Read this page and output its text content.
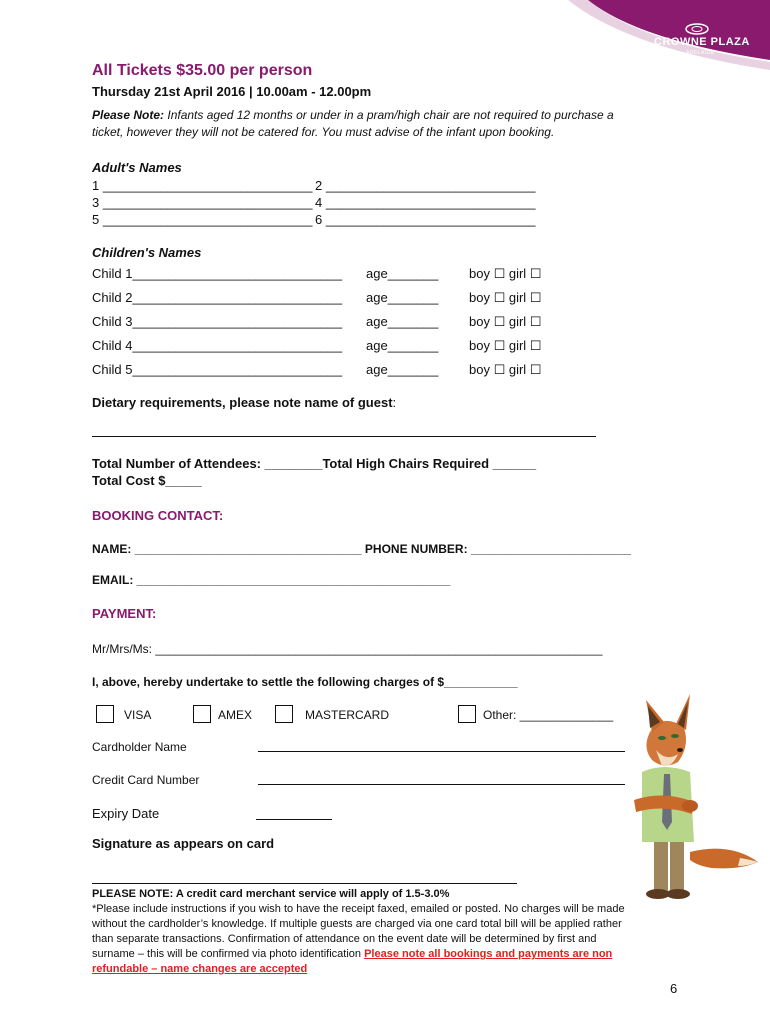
CROWNE PLAZA
ADELAIDE
All Tickets $35.00 per person
Thursday 21st April 2016 | 10.00am - 12.00pm
Please Note: Infants aged 12 months or under in a pram/high chair are not required to purchase a
ticket, however they will not be catered for. You must advise of the infant upon booking.
Adult's Names
1 _____________________________ 2 _____________________________
3 _____________________________ 4 _____________________________
5 _____________________________ 6 _____________________________
Children's Names
Child 1_____________________________ age_______ boy ☐ girl ☐
Child 2_____________________________ age_______ boy ☐ girl ☐
Child 3_____________________________ age_______ boy ☐ girl ☐
Child 4_____________________________ age_______ boy ☐ girl ☐
Child 5_____________________________ age_______ boy ☐ girl ☐
Dietary requirements, please note name of guest:
Total Number of Attendees: ________Total High Chairs Required ______
Total Cost $_____
BOOKING CONTACT:
NAME: __________________________________ PHONE NUMBER: ________________________
EMAIL: _______________________________________________
PAYMENT:
Mr/Mrs/Ms: ___________________________________________________________________
I, above, hereby undertake to settle the following charges of $___________
VISA	AMEX	MASTERCARD	Other: ______________
Cardholder Name
Credit Card Number
Expiry Date
Signature as appears on card
PLEASE NOTE: A credit card merchant service will apply of 1.5-3.0%
*Please include instructions if you wish to have the receipt faxed, emailed or posted. No charges will be made
without the cardholder’s knowledge. If multiple guests are charged via one card total bill will be applied rather
than separate transactions. Confirmation of attendance on the event date will be determined by first and
surname – this will be confirmed via photo identification Please note all bookings and payments are non
refundable – name changes are accepted
6
